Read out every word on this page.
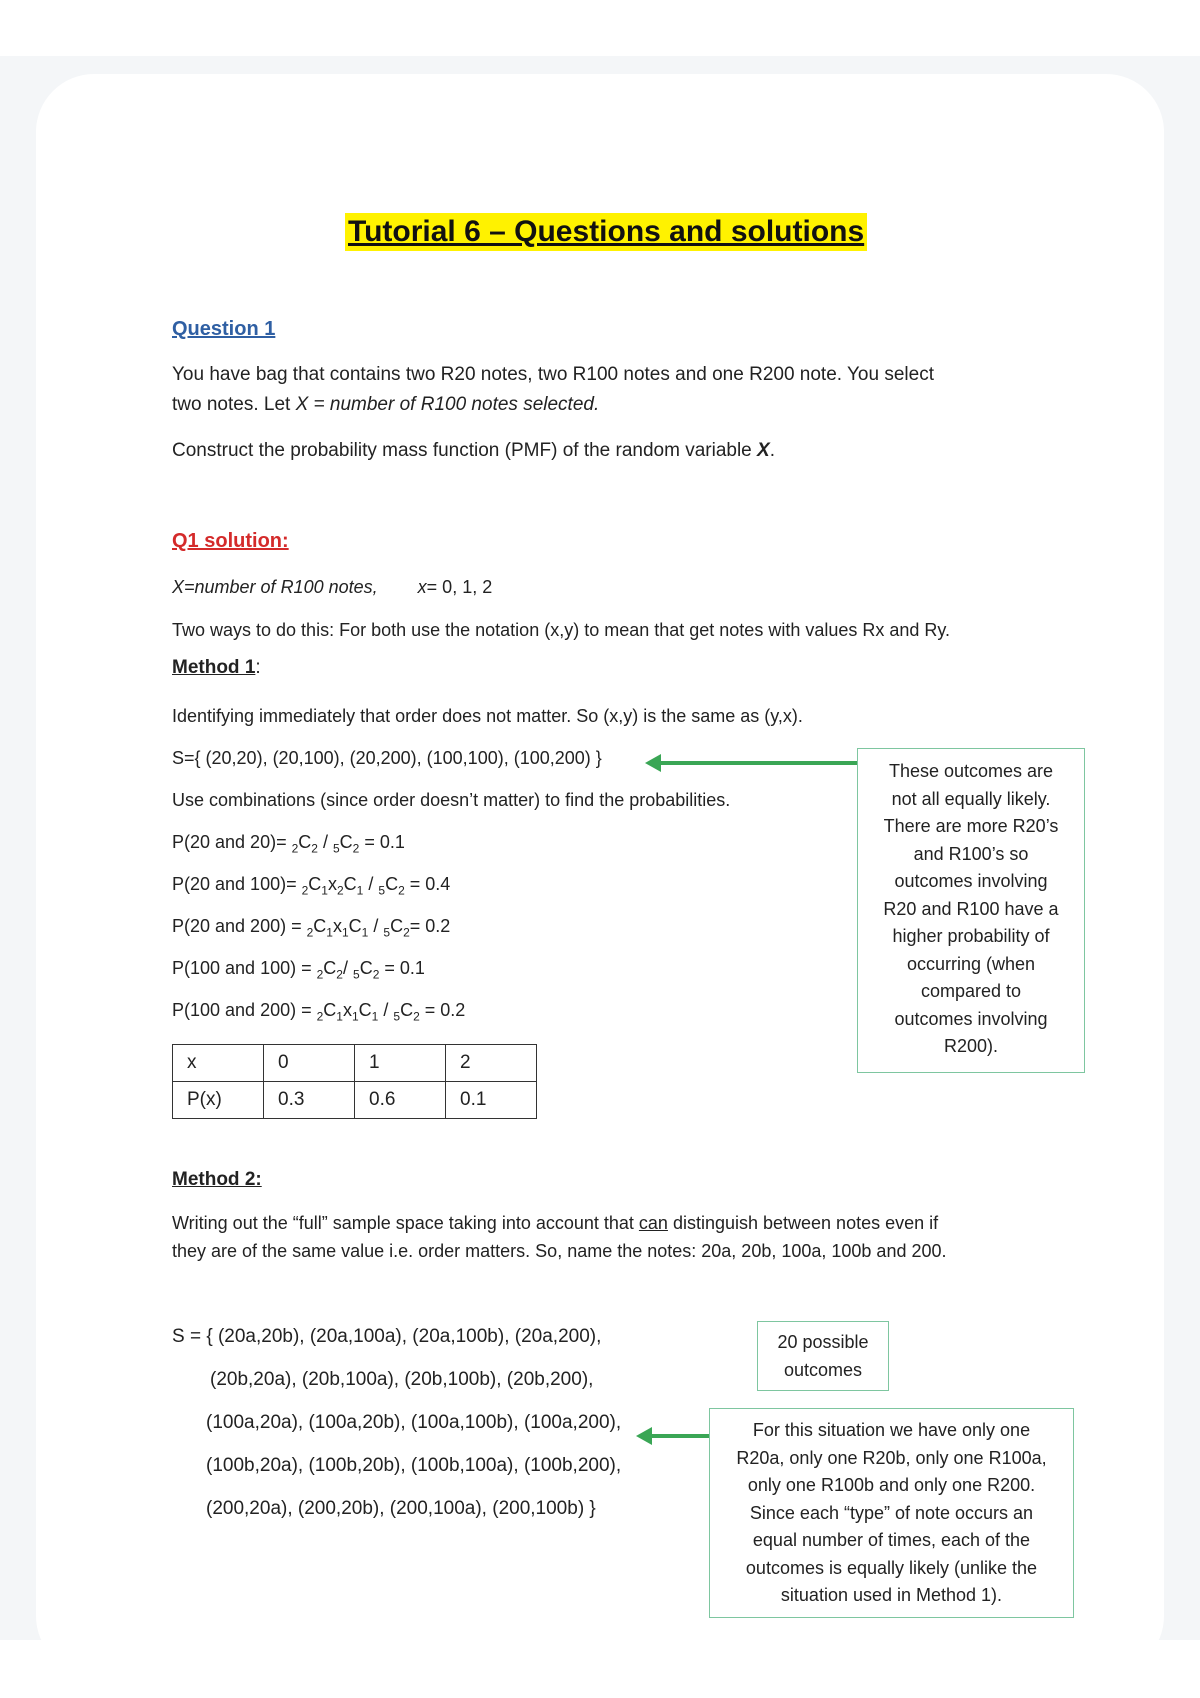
Tutorial 6 – Questions and solutions
Question 1
You have bag that contains two R20 notes, two R100 notes and one R200 note. You select
two notes. Let X = number of R100 notes selected.
Construct the probability mass function (PMF) of the random variable X.
Q1 solution:
X=number of R100 notes, x= 0, 1, 2
Two ways to do this: For both use the notation (x,y) to mean that get notes with values Rx and Ry.
Method 1:
Identifying immediately that order does not matter. So (x,y) is the same as (y,x).
S={ (20,20), (20,100), (20,200), (100,100), (100,200) }
Use combinations (since order doesn’t matter) to find the probabilities.
P(20 and $20)= _2C_2 / _5C_2 = 0.1$
P(20 and $100)= _2C_1x_2C_1 / _5C_2 = 0.4$
P(20 and $200) = _2C_1x_1C_1 / _5C_2= 0.2$
P(100 and $100) = _2C_2/$ $_5C_2 = 0.1$
P(100 and $200) = _2C_1x_1C_1 / _5C_2 = 0.2$
x	0	1	2
P(x)	0.3	0.6	0.1
These outcomes are
not all equally likely.
There are more R20’s
and R100’s so
outcomes involving
R20 and R100 have a
higher probability of
occurring (when
compared to
outcomes involving
R200).
Method 2:
Writing out the “full” sample space taking into account that can distinguish between notes even if
they are of the same value i.e. order matters. So, name the notes: 20a, 20b, 100a, 100b and 200.
S = { (20a,20b), (20a,100a), (20a,100b), (20a,200),
(20b,20a), (20b,100a), (20b,100b), (20b,200),
(100a,20a), (100a,20b), (100a,100b), (100a,200),
(100b,20a), (100b,20b), (100b,100a), (100b,200),
(200,20a), (200,20b), (200,100a), (200,100b) }
20 possible
outcomes
For this situation we have only one
R20a, only one R20b, only one R100a,
only one R100b and only one R200.
Since each “type” of note occurs an
equal number of times, each of the
outcomes is equally likely (unlike the
situation used in Method 1).
